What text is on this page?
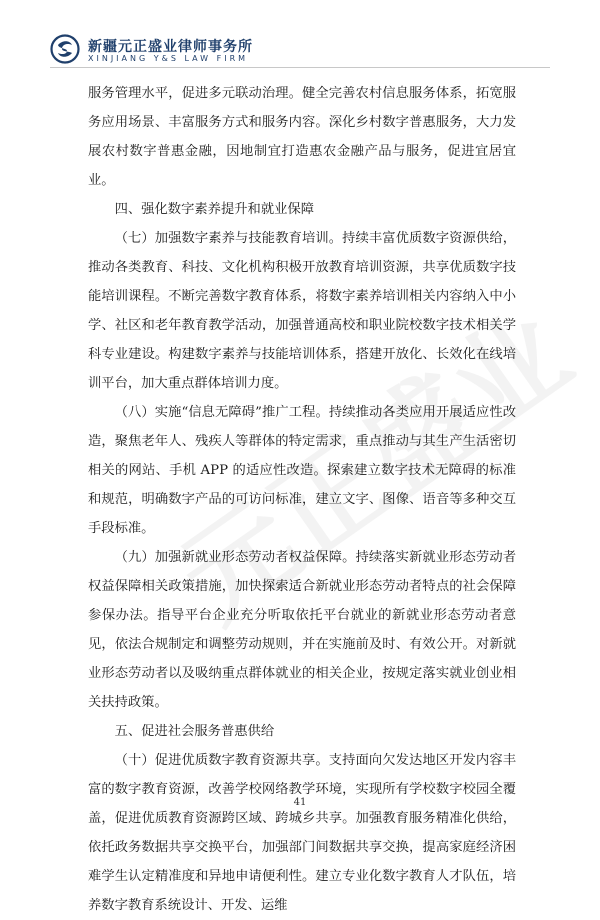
新疆元正盛业律师事务所
XINJIANG Y&S LAW FIRM

服务管理水平，促进多元联动治理。健全完善农村信息服务体系，拓宽服务应用场景、丰富服务方式和服务内容。深化乡村数字普惠服务，大力发展农村数字普惠金融，因地制宜打造惠农金融产品与服务，促进宜居宜业。

四、强化数字素养提升和就业保障

（七）加强数字素养与技能教育培训。持续丰富优质数字资源供给，推动各类教育、科技、文化机构积极开放教育培训资源，共享优质数字技能培训课程。不断完善数字教育体系，将数字素养培训相关内容纳入中小学、社区和老年教育教学活动，加强普通高校和职业院校数字技术相关学科专业建设。构建数字素养与技能培训体系，搭建开放化、长效化在线培训平台，加大重点群体培训力度。

（八）实施“信息无障碍”推广工程。持续推动各类应用开展适应性改造，聚焦老年人、残疾人等群体的特定需求，重点推动与其生产生活密切相关的网站、手机 APP 的适应性改造。探索建立数字技术无障碍的标准和规范，明确数字产品的可访问标准，建立文字、图像、语音等多种交互手段标准。

（九）加强新就业形态劳动者权益保障。持续落实新就业形态劳动者权益保障相关政策措施，加快探索适合新就业形态劳动者特点的社会保障参保办法。指导平台企业充分听取依托平台就业的新就业形态劳动者意见，依法合规制定和调整劳动规则，并在实施前及时、有效公开。对新就业形态劳动者以及吸纳重点群体就业的相关企业，按规定落实就业创业相关扶持政策。

五、促进社会服务普惠供给

（十）促进优质数字教育资源共享。支持面向欠发达地区开发内容丰富的数字教育资源，改善学校网络教学环境，实现所有学校数字校园全覆盖，促进优质教育资源跨区域、跨城乡共享。加强教育服务精准化供给，依托政务数据共享交换平台，加强部门间数据共享交换，提高家庭经济困难学生认定精准度和异地申请便利性。建立专业化数字教育人才队伍，培养数字教育系统设计、开发、运维

41
